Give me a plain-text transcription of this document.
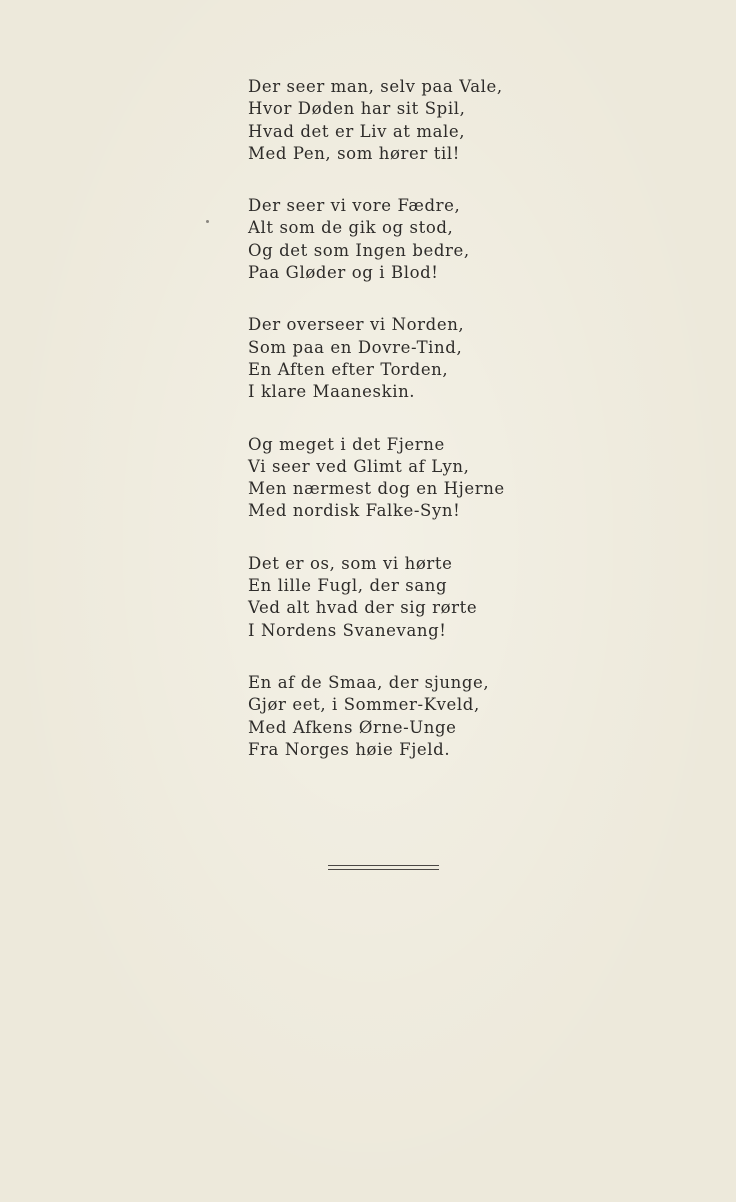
Der seer man, selv paa Vale,
Hvor Døden har sit Spil,
Hvad det er Liv at male,
Med Pen, som hører til!
Der seer vi vore Fædre,
Alt som de gik og stod,
Og det som Ingen bedre,
Paa Gløder og i Blod!
Der overseer vi Norden,
Som paa en Dovre-Tind,
En Aften efter Torden,
I klare Maaneskin.
Og meget i det Fjerne
Vi seer ved Glimt af Lyn,
Men nærmest dog en Hjerne
Med nordisk Falke-Syn!
Det er os, som vi hørte
En lille Fugl, der sang
Ved alt hvad der sig rørte
I Nordens Svanevang!
En af de Smaa, der sjunge,
Gjør eet, i Sommer-Kveld,
Med Afkens Ørne-Unge
Fra Norges høie Fjeld.
